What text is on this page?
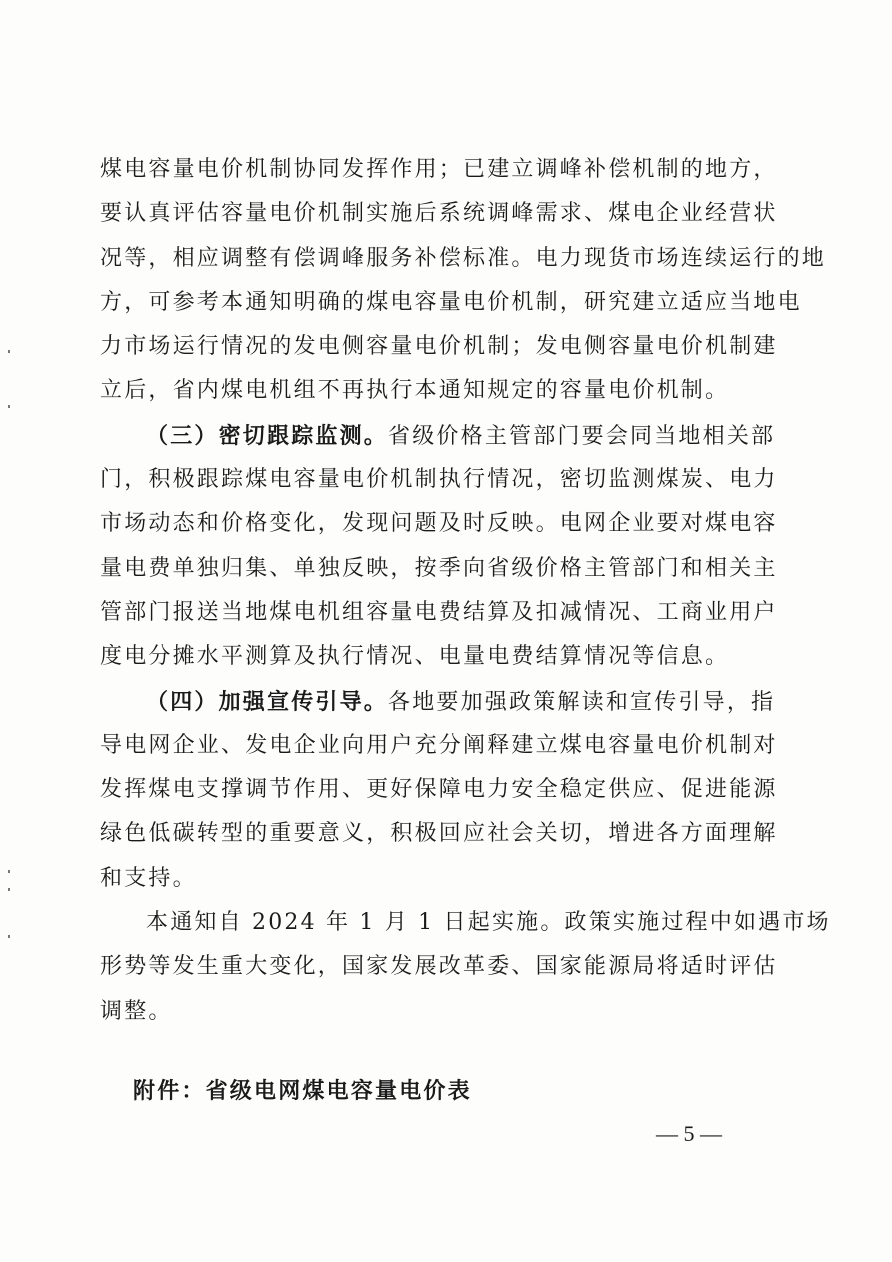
煤电容量电价机制协同发挥作用；已建立调峰补偿机制的地方，
要认真评估容量电价机制实施后系统调峰需求、煤电企业经营状
况等，相应调整有偿调峰服务补偿标准。电力现货市场连续运行的地
方，可参考本通知明确的煤电容量电价机制，研究建立适应当地电
力市场运行情况的发电侧容量电价机制；发电侧容量电价机制建
立后，省内煤电机组不再执行本通知规定的容量电价机制。
（三）密切跟踪监测。省级价格主管部门要会同当地相关部
门，积极跟踪煤电容量电价机制执行情况，密切监测煤炭、电力
市场动态和价格变化，发现问题及时反映。电网企业要对煤电容
量电费单独归集、单独反映，按季向省级价格主管部门和相关主
管部门报送当地煤电机组容量电费结算及扣减情况、工商业用户
度电分摊水平测算及执行情况、电量电费结算情况等信息。
（四）加强宣传引导。各地要加强政策解读和宣传引导，指
导电网企业、发电企业向用户充分阐释建立煤电容量电价机制对
发挥煤电支撑调节作用、更好保障电力安全稳定供应、促进能源
绿色低碳转型的重要意义，积极回应社会关切，增进各方面理解
和支持。
本通知自 2024 年 1 月 1 日起实施。政策实施过程中如遇市场
形势等发生重大变化，国家发展改革委、国家能源局将适时评估
调整。
附件：省级电网煤电容量电价表
— 5 —
